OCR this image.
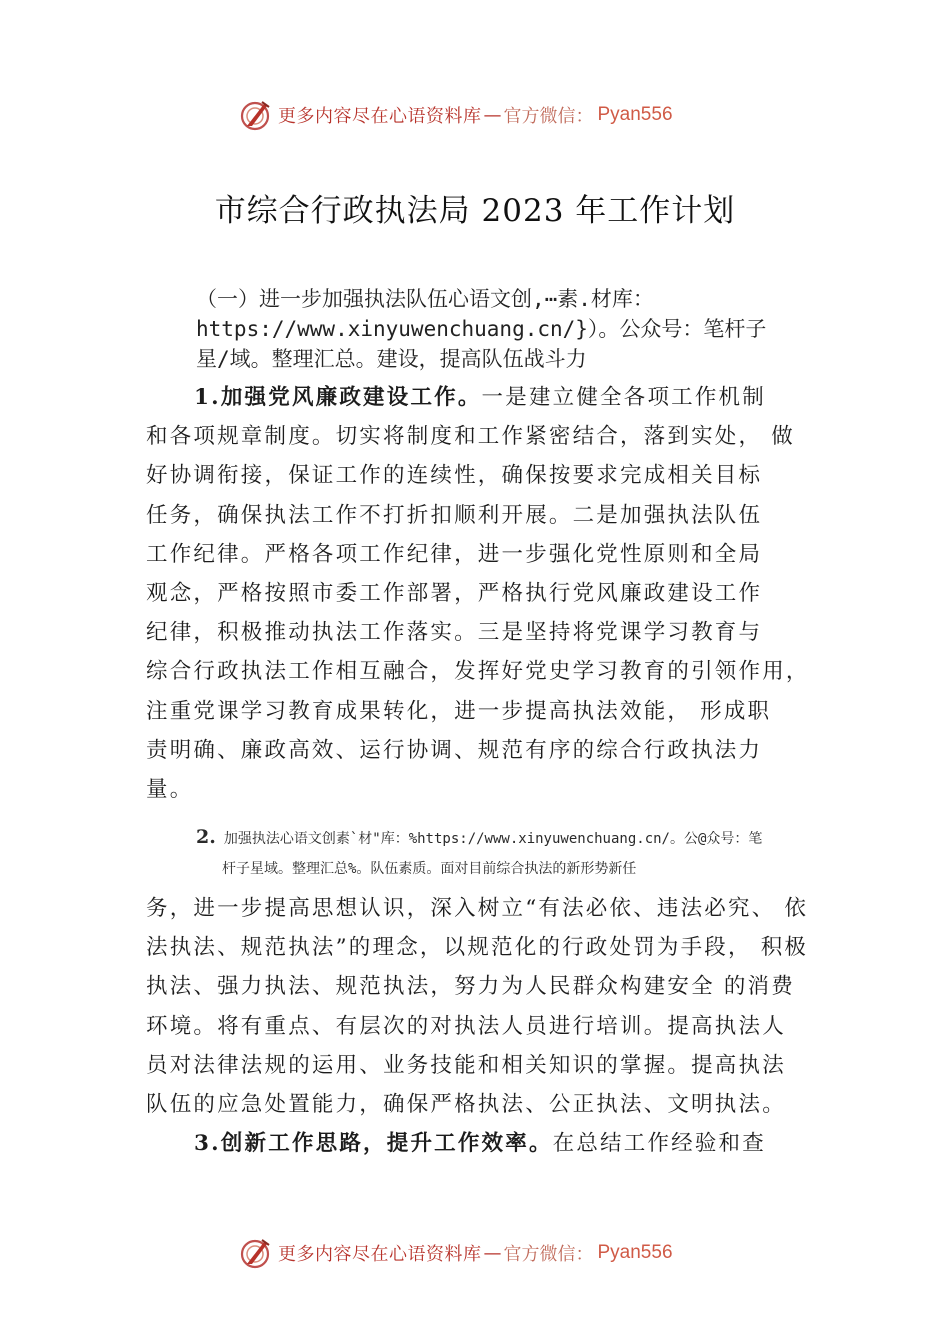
更多内容尽在心语资料库 — 官方微信： Pyan556
市综合行政执法局 2023 年工作计划
（一）进一步加强执法队伍心语文创,⋯素.材库：
https://www.xinyuwenchuang.cn/}）。公众号：笔杆子
星/域。整理汇总。建设，提高队伍战斗力
1.加强党风廉政建设工作。一是建立健全各项工作机制
和各项规章制度。切实将制度和工作紧密结合，落到实处， 做
好协调衔接，保证工作的连续性，确保按要求完成相关目标
任务，确保执法工作不打折扣顺利开展。二是加强执法队伍
工作纪律。严格各项工作纪律，进一步强化党性原则和全局
观念，严格按照市委工作部署，严格执行党风廉政建设工作
纪律，积极推动执法工作落实。三是坚持将党课学习教育与
综合行政执法工作相互融合，发挥好党史学习教育的引领作用，
注重党课学习教育成果转化，进一步提高执法效能， 形成职
责明确、廉政高效、运行协调、规范有序的综合行政执法力
量。
2. 加强执法心语文创素`材"库：%https://www.xinyuwenchuang.cn/。公@众号：笔
杆子星域。整理汇总%。队伍素质。面对目前综合执法的新形势新任
务，进一步提高思想认识，深入树立“有法必依、违法必究、 依
法执法、规范执法”的理念，以规范化的行政处罚为手段， 积极
执法、强力执法、规范执法，努力为人民群众构建安全 的消费
环境。将有重点、有层次的对执法人员进行培训。提高执法人
员对法律法规的运用、业务技能和相关知识的掌握。提高执法
队伍的应急处置能力，确保严格执法、公正执法、文明执法。
3.创新工作思路，提升工作效率。在总结工作经验和查
更多内容尽在心语资料库 — 官方微信： Pyan556
